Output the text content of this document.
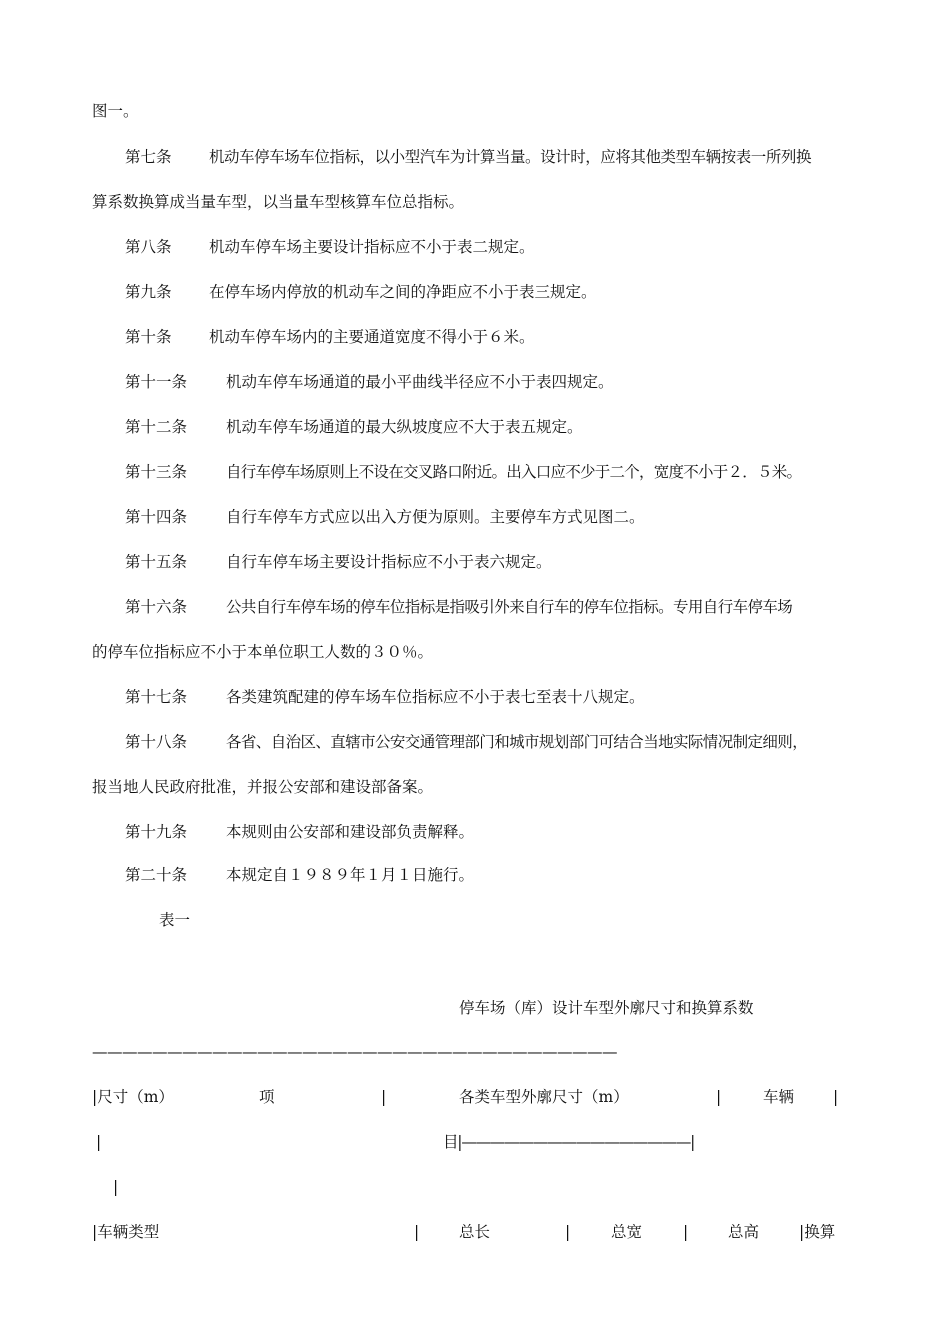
图一。
第七条 机动车停车场车位指标，以小型汽车为计算当量。设计时，应将其他类型车辆按表一所列换
算系数换算成当量车型，以当量车型核算车位总指标。
第八条 机动车停车场主要设计指标应不小于表二规定。
第九条 在停车场内停放的机动车之间的净距应不小于表三规定。
第十条 机动车停车场内的主要通道宽度不得小于６米。
第十一条	机动车停车场通道的最小平曲线半径应不小于表四规定。
第十二条	机动车停车场通道的最大纵坡度应不大于表五规定。
第十三条	自行车停车场原则上不设在交叉路口附近。出入口应不少于二个，宽度不小于２．５米。
第十四条	自行车停车方式应以出入方便为原则。主要停车方式见图二。
第十五条	自行车停车场主要设计指标应不小于表六规定。
第十六条	公共自行车停车场的停车位指标是指吸引外来自行车的停车位指标。专用自行车停车场
的停车位指标应不小于本单位职工人数的３０％。
第十七条	各类建筑配建的停车场车位指标应不小于表七至表十八规定。
第十八条	各省、自治区、直辖市公安交通管理部门和城市规划部门可结合当地实际情况制定细则，
报当地人民政府批准，并报公安部和建设部备案。
第十九条	本规则由公安部和建设部负责解释。
第二十条	本规定自１９８９年１月１日施行。
表一
停车场（库）设计车型外廓尺寸和换算系数
———————————————————————————————————
|尺寸（m）	项	|	各类车型外廓尺寸（m）	|	车辆	|
|	目|————————————————|
|
|车辆类型	|	总长	|	总宽	|	总高	|换算
